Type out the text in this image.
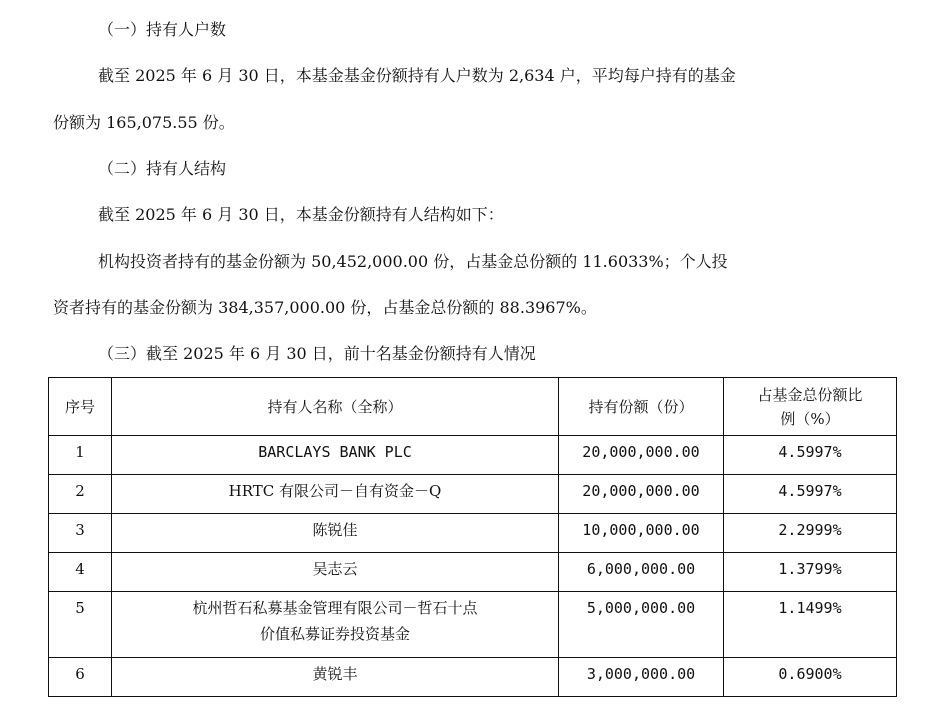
（一）持有人户数
截至 2025 年 6 月 30 日，本基金基金份额持有人户数为 2,634 户，平均每户持有的基金
份额为 165,075.55 份。
（二）持有人结构
截至 2025 年 6 月 30 日，本基金份额持有人结构如下：
机构投资者持有的基金份额为 50,452,000.00 份，占基金总份额的 11.6033%；个人投
资者持有的基金份额为 384,357,000.00 份，占基金总份额的 88.3967%。
（三）截至 2025 年 6 月 30 日，前十名基金份额持有人情况
序号	持有人名称（全称）	持有份额（份）	占基金总份额比
例（%）

1	BARCLAYS BANK PLC	20,000,000.00	4.5997%
2	HRTC 有限公司－自有资金－Q	20,000,000.00	4.5997%
3	陈锐佳	10,000,000.00	2.2999%
4	吴志云	6,000,000.00	1.3799%
5	杭州哲石私募基金管理有限公司－哲石十点
价值私募证券投资基金	5,000,000.00	1.1499%
6	黄锐丰	3,000,000.00	0.6900%
